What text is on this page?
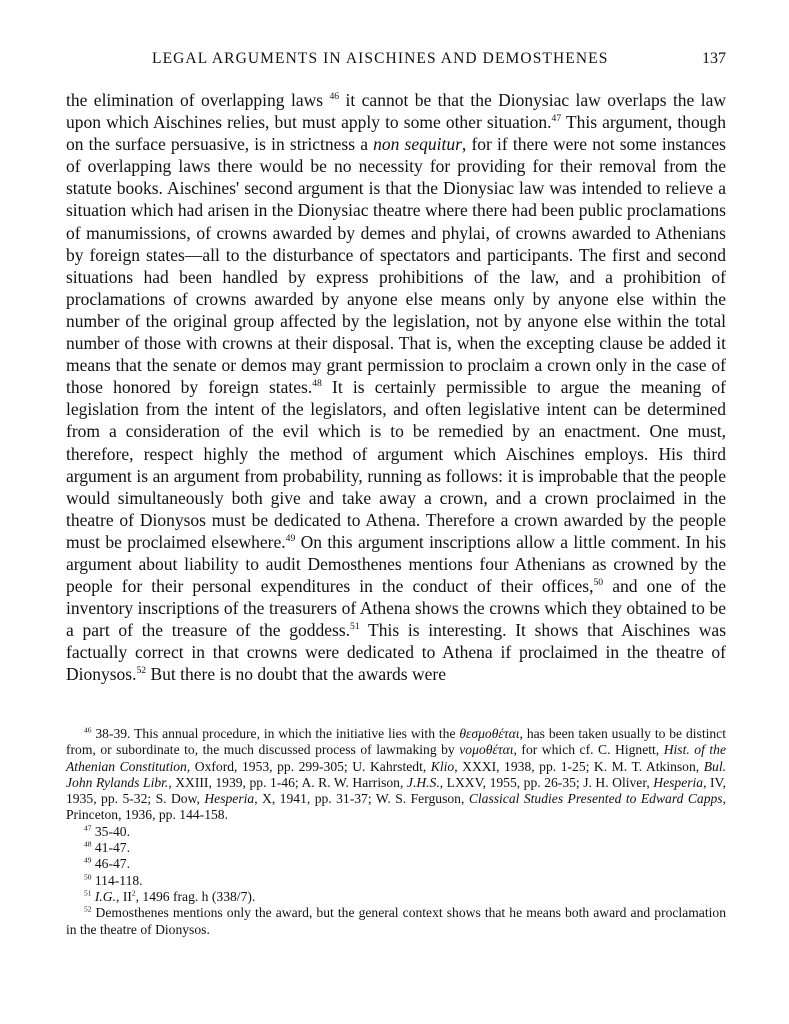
LEGAL ARGUMENTS IN AISCHINES AND DEMOSTHENES	137

the elimination of overlapping laws $^{46}$ it cannot be that the Dionysiac law overlaps the law upon which Aischines relies, but must apply to some other situation.$^{47}$ This argument, though on the surface persuasive, is in strictness a non sequitur, for if there were not some instances of overlapping laws there would be no necessity for providing for their removal from the statute books. Aischines' second argument is that the Dionysiac law was intended to relieve a situation which had arisen in the Dionysiac theatre where there had been public proclamations of manumissions, of crowns awarded by demes and phylai, of crowns awarded to Athenians by foreign states—all to the disturbance of spectators and participants. The first and second situations had been handled by express prohibitions of the law, and a prohibition of proclamations of crowns awarded by anyone else means only by anyone else within the number of the original group affected by the legislation, not by anyone else within the total number of those with crowns at their disposal. That is, when the excepting clause be added it means that the senate or demos may grant permission to proclaim a crown only in the case of those honored by foreign states.$^{48}$ It is certainly permissible to argue the meaning of legislation from the intent of the legislators, and often legislative intent can be determined from a consideration of the evil which is to be remedied by an enactment. One must, therefore, respect highly the method of argument which Aischines employs. His third argument is an argument from probability, running as follows: it is improbable that the people would simultaneously both give and take away a crown, and a crown proclaimed in the theatre of Dionysos must be dedicated to Athena. Therefore a crown awarded by the people must be proclaimed elsewhere.$^{49}$ On this argument inscriptions allow a little comment. In his argument about liability to audit Demosthenes mentions four Athenians as crowned by the people for their personal expenditures in the conduct of their offices,$^{50}$ and one of the inventory inscriptions of the treasurers of Athena shows the crowns which they obtained to be a part of the treasure of the goddess.$^{51}$ This is interesting. It shows that Aischines was factually correct in that crowns were dedicated to Athena if proclaimed in the theatre of Dionysos.$^{52}$ But there is no doubt that the awards were

$^{46}$ 38-39. This annual procedure, in which the initiative lies with the θεσμοθέται, has been taken usually to be distinct from, or subordinate to, the much discussed process of lawmaking by νομοθέται, for which cf. C. Hignett, Hist. of the Athenian Constitution, Oxford, 1953, pp. 299-305; U. Kahrstedt, Klio, XXXI, 1938, pp. 1-25; K. M. T. Atkinson, Bul. John Rylands Libr., XXIII, 1939, pp. 1-46; A. R. W. Harrison, J.H.S., LXXV, 1955, pp. 26-35; J. H. Oliver, Hesperia, IV, 1935, pp. 5-32; S. Dow, Hesperia, X, 1941, pp. 31-37; W. S. Ferguson, Classical Studies Presented to Edward Capps, Princeton, 1936, pp. 144-158.

$^{47}$ 35-40.

$^{48}$ 41-47.

$^{49}$ 46-47.

$^{50}$ 114-118.

$^{51}$ I.G., $II^2$, 1496 frag. h (338/7).

$^{52}$ Demosthenes mentions only the award, but the general context shows that he means both award and proclamation in the theatre of Dionysos.
